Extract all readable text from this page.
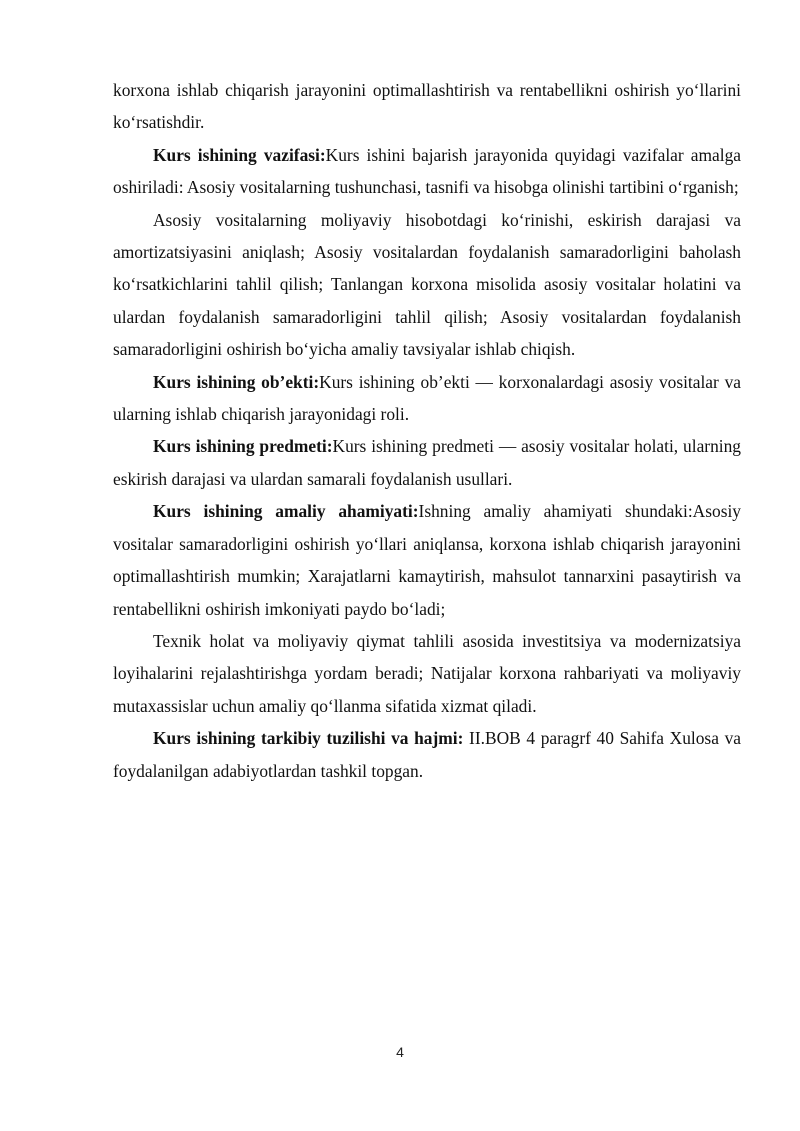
korxona ishlab chiqarish jarayonini optimallashtirish va rentabellikni oshirish yo‘llarini ko‘rsatishdir.

Kurs ishining vazifasi:Kurs ishini bajarish jarayonida quyidagi vazifalar amalga oshiriladi: Asosiy vositalarning tushunchasi, tasnifi va hisobga olinishi tartibini o‘rganish;

Asosiy vositalarning moliyaviy hisobotdagi ko‘rinishi, eskirish darajasi va amortizatsiyasini aniqlash; Asosiy vositalardan foydalanish samaradorligini baholash ko‘rsatkichlarini tahlil qilish; Tanlangan korxona misolida asosiy vositalar holatini va ulardan foydalanish samaradorligini tahlil qilish; Asosiy vositalardan foydalanish samaradorligini oshirish bo‘yicha amaliy tavsiyalar ishlab chiqish.

Kurs ishining ob’ekti:Kurs ishining ob’ekti — korxonalardagi asosiy vositalar va ularning ishlab chiqarish jarayonidagi roli.

Kurs ishining predmeti:Kurs ishining predmeti — asosiy vositalar holati, ularning eskirish darajasi va ulardan samarali foydalanish usullari.

Kurs ishining amaliy ahamiyati:Ishning amaliy ahamiyati shundaki:Asosiy vositalar samaradorligini oshirish yo‘llari aniqlansa, korxona ishlab chiqarish jarayonini optimallashtirish mumkin; Xarajatlarni kamaytirish, mahsulot tannarxini pasaytirish va rentabellikni oshirish imkoniyati paydo bo‘ladi;

Texnik holat va moliyaviy qiymat tahlili asosida investitsiya va modernizatsiya loyihalarini rejalashtirishga yordam beradi; Natijalar korxona rahbariyati va moliyaviy mutaxassislar uchun amaliy qo‘llanma sifatida xizmat qiladi.

Kurs ishining tarkibiy tuzilishi va hajmi: II.BOB 4 paragrf 40 Sahifa Xulosa va foydalanilgan adabiyotlardan tashkil topgan.

4
